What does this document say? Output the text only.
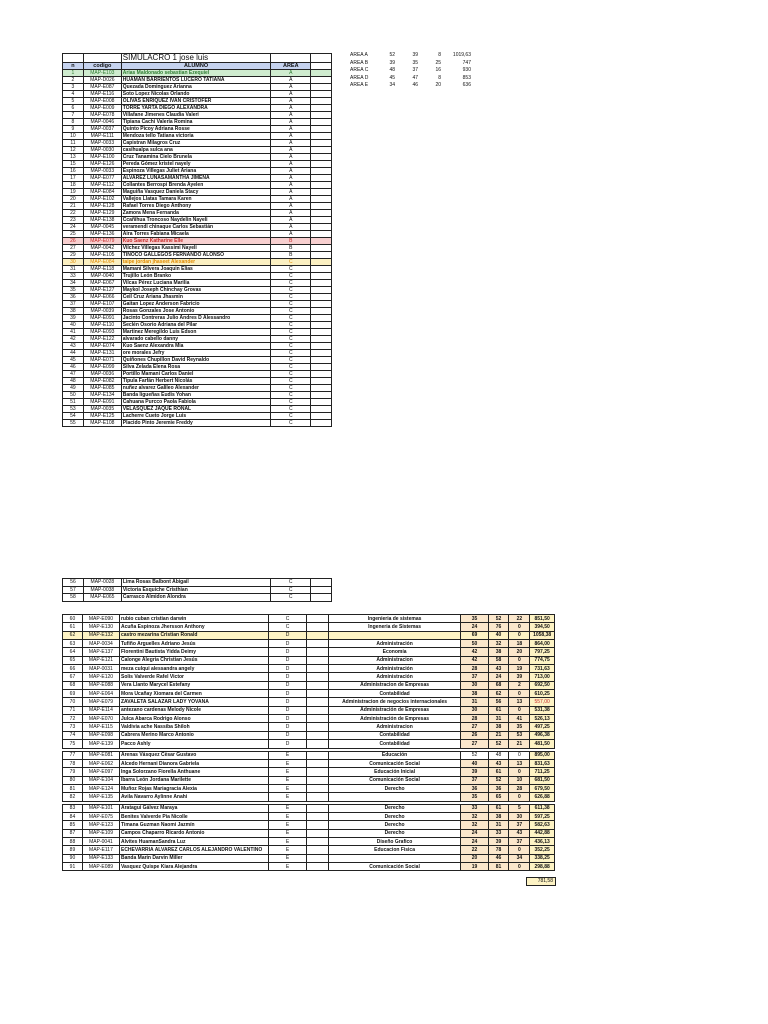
		SIMULACRO 1 jose luis		
n	codigo	ALUMNO	AREA	
1	MAP-E103	Arias Maldonado sebastian Ezequiel	A	
2	MAP-D026	HUAMAN BARRIENTOS LUCERO TATIANA	A	
3	MAP-E087	Quezada Dominguez Arianna	A	
4	MAP-E116	Soto Lopez Nicolas Orlando	A	
5	MAP-E008	OLIVAS ENRIQUEZ IVAN CRISTOFER	A	
6	MAP-E009	TORRE YARTA DIEGO ALEXANDRA	A	
7	MAP-E078	Villafane Jimenes Claudia Valeri	A	
8	MAP-0046	Tipiana Cachi Valeria Romina	A	
9	MAP-0037	Quinto Picoy Adriana Rosse	A	
10	MAP-E111	Mendoza tello Tatiana victoria	A	
11	MAP-0033	Capistran Milagros Cruz	A	
12	MAP-0030	casihualpa sulca ana	A	
13	MAP-E100	Cruz Tanamina Cielo Brunela	A	
15	MAP-E126	Pereda Gómez kristel nayely	A	
16	MAP-0033	Espinoza Villegas Juliet Ariana	A	
17	MAP-E077	ALVAREZ LUNASAMANTHA JIMENA	A	
18	MAP-E112	Collantes Berrospi Brenda Ayelen	A	
19	MAP-E084	Maguiña Vasquez Daniela Stacy	A	
20	MAP-E102	Vallejos Llatas Tamara Karen	A	
21	MAP-E128	Rafael Torres Diego Anthony	A	
22	MAP-E129	Zamora Mena Fernanda	A	
23	MAP-E138	Ccañihua Troncoso Naydelin Nayeli	A	
24	MAP-0045	veramendi chinaque Carlos Sebastián	A	
25	MAP-E136	Aira Torres Fabiana Micaela	A	
26	MAP-E079	Kuo Saenz Katharine Elle	B	
27	MAP-0042	Vilchez Villegas Kassimi Nayeli	B	
29	MAP-E105	TINOCO GALLEGOS FERNANDO ALONSO	B	
30	MAP-E084	taipe jordan jhaseet Alexander	C	
31	MAP-E118	Mamani Silvera Joaquin Elias	C	
33	MAP-0040	Trujillo León Branko	C	
34	MAP-E067	Vilcas Pérez Luciana Marilia	C	
35	MAP-E127	Maykol Joseph Chinchay Grovas	C	
36	MAP-E066	Ceil Cruz Ariana Jhasmin	C	
37	MAP-E107	Gaitan Lopez Anderson Fabricio	C	
38	MAP-0039	Rosas Gonzales Jose Antonio	C	
39	MAP-E091	Jacinto Contreras Julio Andres D Alessandro	C	
40	MAP-E110	Seclén Osorio Adriana del Pilar	C	
41	MAP-E093	Martinez Meregildo Luis Edson	C	
42	MAP-E122	alvarado cabello danny	C	
43	MAP-E074	Kuo Saenz Alexandra Mia	C	
44	MAP-E131	ore morales Jefry	C	
45	MAP-E071	Quiñones Chupillon David Reynaldo	C	
46	MAP-E099	Silva Zelada Elena Rosa	C	
47	MAP-0036	Portillo Mamani Carlos Daniel	C	
48	MAP-E082	Tipula Farfán Herbert Nicolás	C	
49	MAP-E085	nuñez alvarez Galileo Alexander	C	
50	MAP-E134	Banda Iigueñas Eudis Yohan	C	
51	MAP-E091	Cahuana Purcco Paola Fabiola	C	
53	MAP-0035	VELASQUEZ JAQUE RONAL	C	
54	MAP-E125	Lacherre Cueto Jorge Luis	C	
55	MAP-E108	Placido Pinto Jeremie Freddy	C	
AREA A	52	39	8	1019,63
AREA B	39	35	25	747
AREA C	48	37	16	930
AREA D	45	47	8	853
AREA E	34	46	20	636
56	MAP-0028	Lima Rosas Balbont Abigail	C	
57	MAP-0038	Victoria Esquiche Cristhian	C	
58	MAP-E065	Carrasco Almidon Alondra	C	
60	MAP-E090	rubio cuban cristian darwin	C		Ingenieria de sistemas	35	52	22	851,50
61	MAP-E130	Acuña Espinoza Jhersson Anthony	C		Ingeneria de Sistemas	24	76	0	394,50
62	MAP-E132	castro mezarina Cristian Ronald	D			69	40	0	1058,38
63	MAP-0034	Tufiño Arguelles Adriano Jesús	D		Administración	50	32	18	864,00
64	MAP-E137	Florentini Bautista Yidda Deimy	D		Economía	42	38	20	797,25
65	MAP-E121	Calonge Alegria Christian Jesús	D		Administracion	42	58	0	774,75
66	MAP-0031	meza culqui alessandra angely	D		Administración	28	43	19	731,63
67	MAP-E120	Solis Valverde Rafel Victor	D		Administración	37	24	39	713,00
68	MAP-E088	Vera Llanto Marycel Estefany	D		Administracion de Empresas	30	68	2	692,50
69	MAP-E064	Mora Ucañay Xiomara del Carmen	D		Contabilidad	38	62	0	610,25
70	MAP-E079	ZAVALETA SALAZAR LADY YOVANA	D		Administracion de negocios internacionales	31	56	13	557,00
71	MAP-E114	antezano cardenas Melody Nicole	D		Administración de Empresas	30	61	0	531,38
72	MAP-E070	Julca Abarca Rodrigo Alonso	D		Administración de Empresas	28	31	41	526,13
73	MAP-E115	Valdivia ache Nassiba Shiloh	D		Administracion	27	38	35	497,25
74	MAP-E098	Cabrera Merino Marco Antonio	D		Contabilidad	26	21	53	496,38
75	MAP-E139	Pacco Ashly	D		Contabilidad	27	52	21	481,50

77	MAP-E081	Arenas Vásquez Cèsar Gustavo	E		Educación	52	48	0	895,00
78	MAP-E062	Alcedo Hernani Dianora Gabriela	E		Comunicación Social	40	43	13	831,63
79	MAP-E097	Inga Solorzano Fiorella Anthuane	E		Educación Inicial	39	61	0	711,25
80	MAP-E104	Ibarra León Jordana Marilette	E		Comunicación Social	37	52	10	681,50
81	MAP-E124	Muñoz Rojas Mariagracia Alexia	E		Derecho	36	36	28	679,50
82	MAP-E135	Avila Navarro Aylinne Anahi	E			35	65	0	626,88

83	MAP-E101	Aratagui Gálvez Maraya	E		Derecho	33	61	5	611,38
84	MAP-E075	Benites Valverde Pia Nicolle	E		Derecho	32	38	30	597,25
85	MAP-E123	Timana Guzman Naomi Jazmín	E		Derecho	32	31	37	582,63
87	MAP-E109	Campos Chaparro Ricardo Antonio	E		Derecho	24	33	43	442,88
88	MAP-0041	Alvites HuamanSandra Luz	E		Diseño Grafico	24	39	37	436,13
89	MAP-E117	ECHEVARRIA ALVAREZ CARLOS ALEJANDRO VALENTINO	E		Educacion Fisica	22	78	0	352,25
90	MAP-E133	Banda Marin Darvin Miller	E			20	46	34	338,25
91	MAP-E089	Vasquez Quispe Kiara Alejandra	E		Comunicación Social	19	81	0	298,88
781,58
